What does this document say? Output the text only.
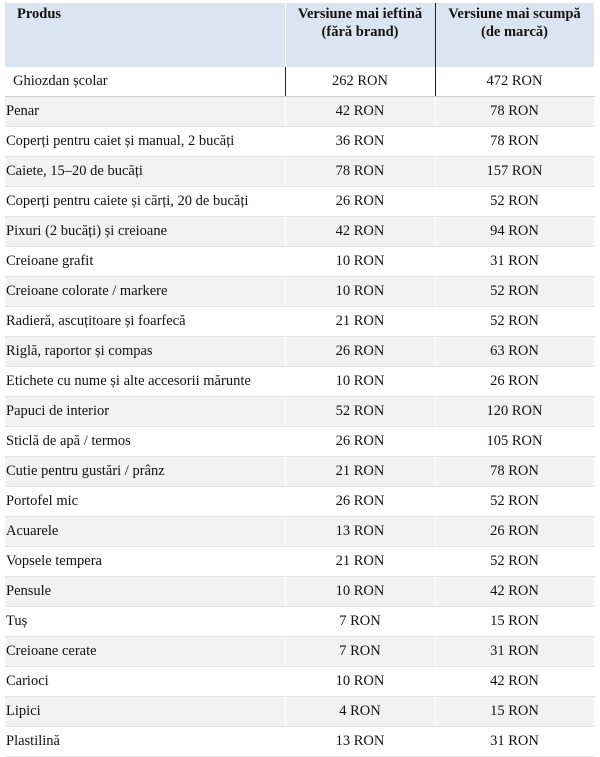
Produs	Versiune mai ieftină (fără brand)	Versiune mai scumpă (de marcă)
Ghiozdan școlar	262 RON	472 RON
Penar	42 RON	78 RON
Coperți pentru caiet și manual, 2 bucăți	36 RON	78 RON
Caiete, 15–20 de bucăți	78 RON	157 RON
Coperți pentru caiete și cărți, 20 de bucăți	26 RON	52 RON
Pixuri (2 bucăți) și creioane	42 RON	94 RON
Creioane grafit	10 RON	31 RON
Creioane colorate / markere	10 RON	52 RON
Radieră, ascuțitoare și foarfecă	21 RON	52 RON
Riglă, raportor și compas	26 RON	63 RON
Etichete cu nume și alte accesorii mărunte	10 RON	26 RON
Papuci de interior	52 RON	120 RON
Sticlă de apă / termos	26 RON	105 RON
Cutie pentru gustări / prânz	21 RON	78 RON
Portofel mic	26 RON	52 RON
Acuarele	13 RON	26 RON
Vopsele tempera	21 RON	52 RON
Pensule	10 RON	42 RON
Tuș	7 RON	15 RON
Creioane cerate	7 RON	31 RON
Carioci	10 RON	42 RON
Lipici	4 RON	15 RON
Plastilină	13 RON	31 RON
